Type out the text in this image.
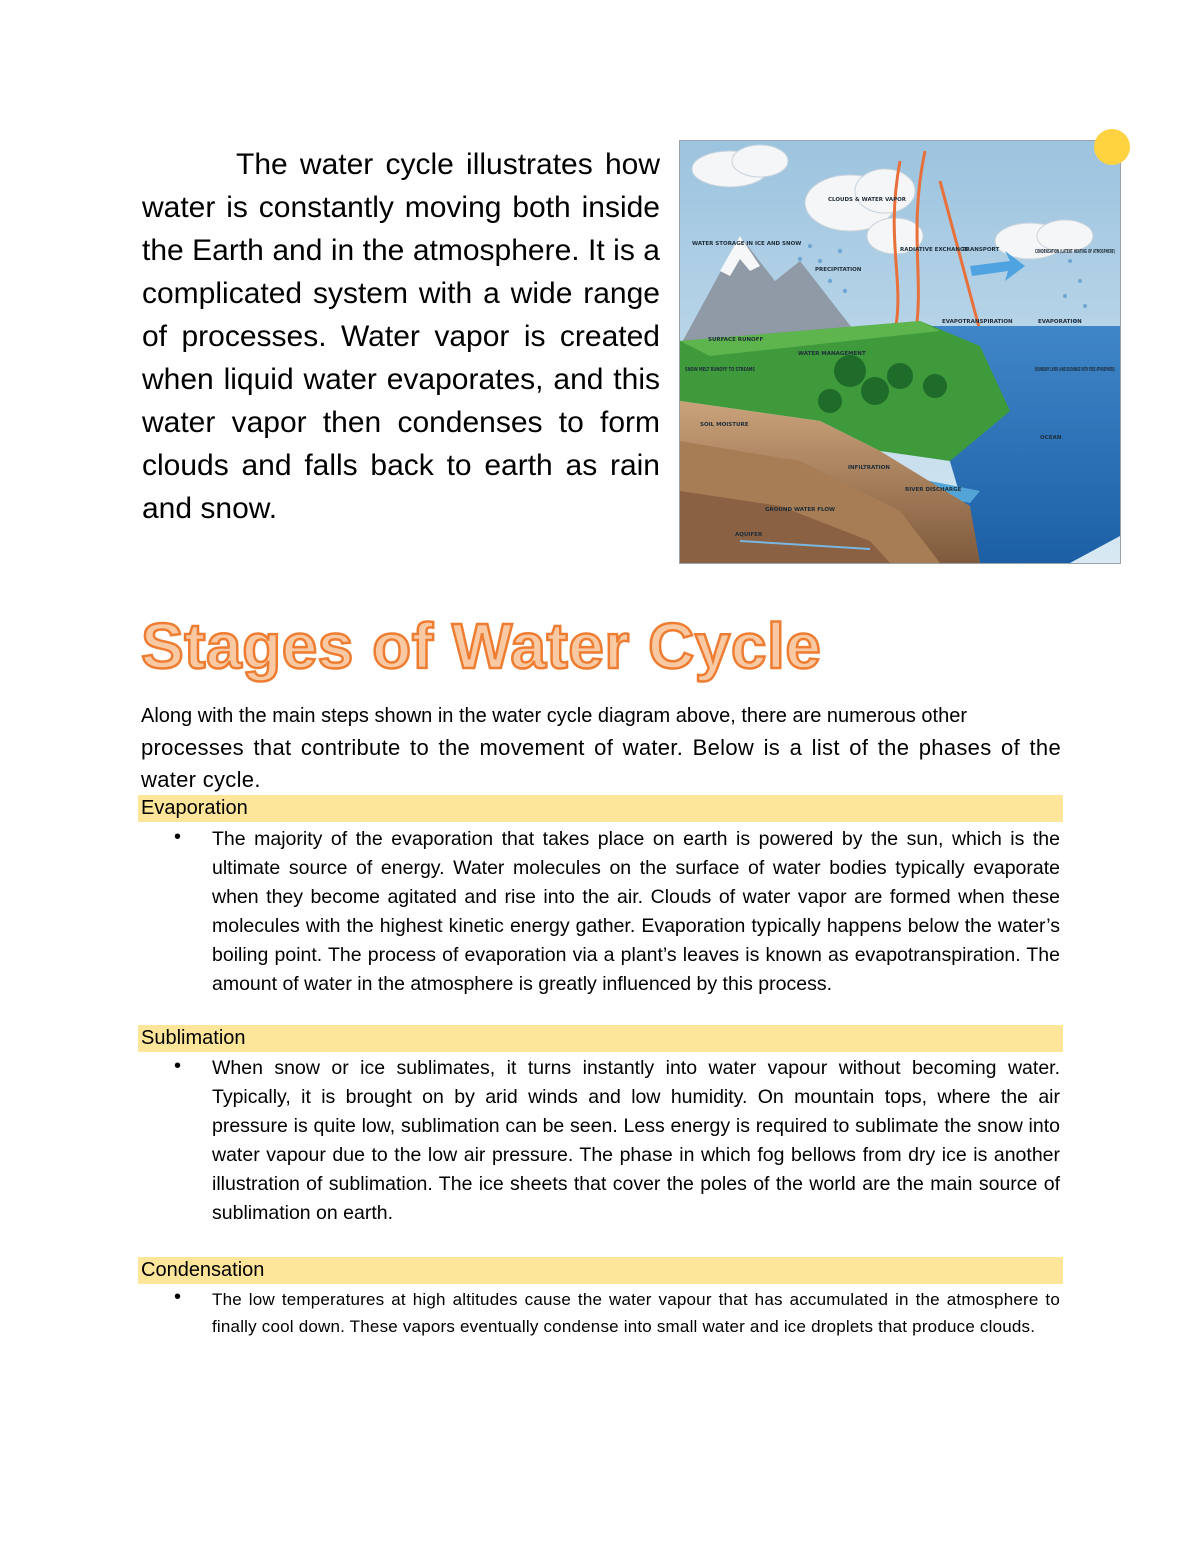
The water cycle illustrates how water is constantly moving both inside the Earth and in the atmosphere. It is a complicated system with a wide range of processes. Water vapor is created when liquid water evaporates, and this water vapor then condenses to form clouds and falls back to earth as rain and snow.

CLOUDS & WATER VAPOR
WATER STORAGE IN ICE AND SNOW
PRECIPITATION
RADIATIVE EXCHANGE
TRANSPORT	CONDENSATION (LATENT HEATING OF ATMOSPHERE)
EVAPOTRANSPIRATION	EVAPORATION
SURFACE RUNOFF
WATER MANAGEMENT
BOUNDARY LAYER (AND EXCHANGE WITH FREE ATMOSPHERE)
OCEAN
INFILTRATION
RIVER DISCHARGE
GROUND WATER FLOW
SNOW MELT RUNOFF TO STREAMS
SOIL MOISTURE
AQUIFER
Stages of Water Cycle
Along with the main steps shown in the water cycle diagram above, there are numerous other
processes that contribute to the movement of water. Below is a list of the phases of the water cycle.
Evaporation
• The majority of the evaporation that takes place on earth is powered by the sun, which is the ultimate source of energy. Water molecules on the surface of water bodies typically evaporate when they become agitated and rise into the air. Clouds of water vapor are formed when these molecules with the highest kinetic energy gather. Evaporation typically happens below the water’s boiling point. The process of evaporation via a plant’s leaves is known as evapotranspiration. The amount of water in the atmosphere is greatly influenced by this process.
Sublimation
• When snow or ice sublimates, it turns instantly into water vapour without becoming water. Typically, it is brought on by arid winds and low humidity. On mountain tops, where the air pressure is quite low, sublimation can be seen. Less energy is required to sublimate the snow into water vapour due to the low air pressure. The phase in which fog bellows from dry ice is another illustration of sublimation. The ice sheets that cover the poles of the world are the main source of sublimation on earth.
Condensation
• The low temperatures at high altitudes cause the water vapour that has accumulated in the atmosphere to finally cool down. These vapors eventually condense into small water and ice droplets that produce clouds.
